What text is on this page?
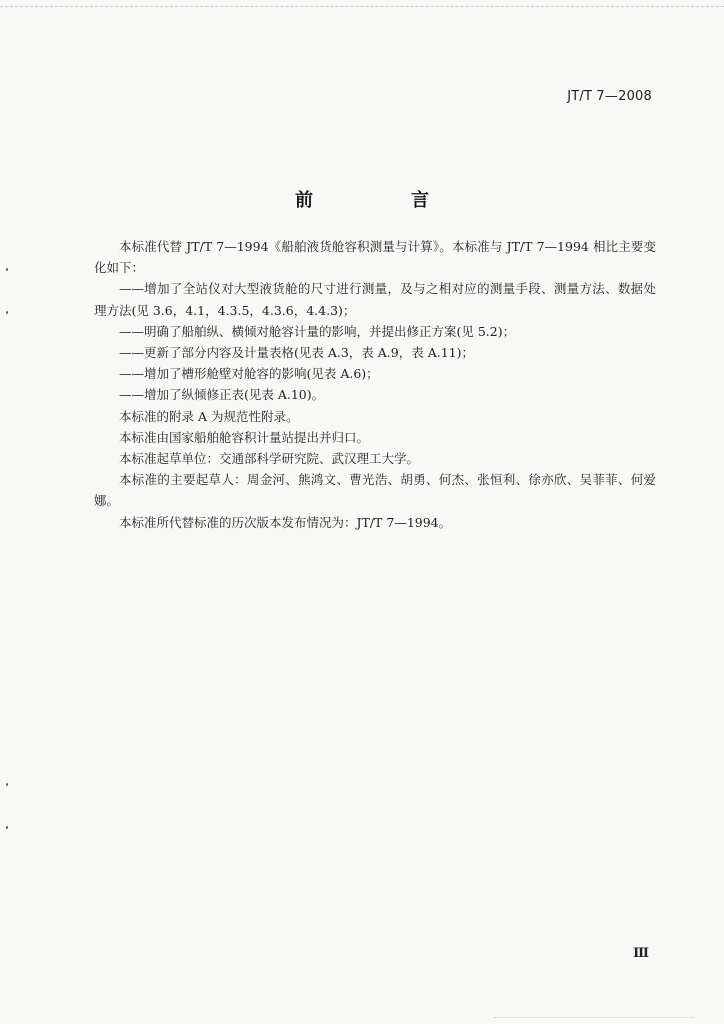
JT/T 7—2008
前　言

本标准代替 JT/T 7—1994《船舶液货舱容积测量与计算》。本标准与 JT/T 7—1994 相比主要变化如下：

——增加了全站仪对大型液货舱的尺寸进行测量，及与之相对应的测量手段、测量方法、数据处理方法(见 3.6，4.1，4.3.5，4.3.6，4.4.3)；

——明确了船舶纵、横倾对舱容计量的影响，并提出修正方案(见 5.2)；

——更新了部分内容及计量表格(见表 A.3，表 A.9，表 A.11)；

——增加了槽形舱壁对舱容的影响(见表 A.6)；

——增加了纵倾修正表(见表 A.10)。

本标准的附录 A 为规范性附录。

本标准由国家船舶舱容积计量站提出并归口。

本标准起草单位：交通部科学研究院、武汉理工大学。

本标准的主要起草人：周金河、熊鸿文、曹光浩、胡勇、何杰、张恒利、徐亦欣、吴菲菲、何爱娜。

本标准所代替标准的历次版本发布情况为：JT/T 7—1994。

Ⅲ
